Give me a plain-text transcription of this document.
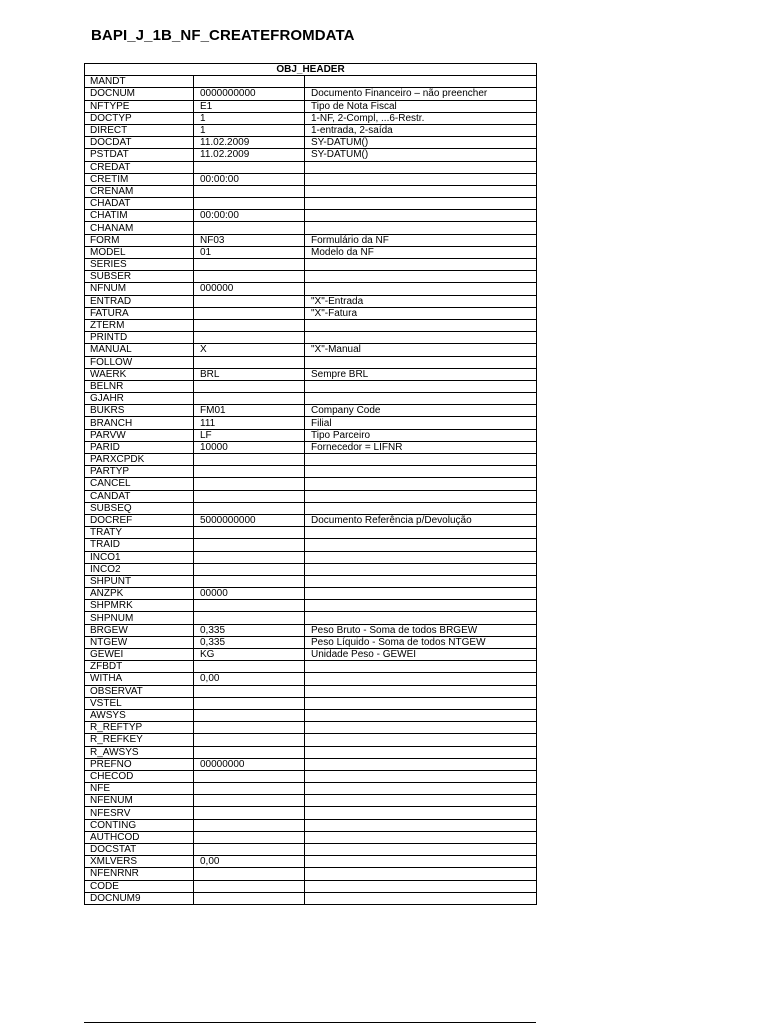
BAPI_J_1B_NF_CREATEFROMDATA
OBJ_HEADER		
MANDT		
DOCNUM	0000000000	Documento Financeiro – não preencher
NFTYPE	E1	Tipo de Nota Fiscal
DOCTYP	1	1-NF, 2-Compl, ...6-Restr.
DIRECT	1	1-entrada, 2-saída
DOCDAT	11.02.2009	SY-DATUM()
PSTDAT	11.02.2009	SY-DATUM()
CREDAT		
CRETIM	00:00:00	
CRENAM		
CHADAT		
CHATIM	00:00:00	
CHANAM		
FORM	NF03	Formulário da NF
MODEL	01	Modelo da NF
SERIES		
SUBSER		
NFNUM	000000	
ENTRAD		"X"-Entrada
FATURA		"X"-Fatura
ZTERM		
PRINTD		
MANUAL	X	"X"-Manual
FOLLOW		
WAERK	BRL	Sempre BRL
BELNR		
GJAHR		
BUKRS	FM01	Company Code
BRANCH	111	Filial
PARVW	LF	Tipo Parceiro
PARID	10000	Fornecedor = LIFNR
PARXCPDK		
PARTYP		
CANCEL		
CANDAT		
SUBSEQ		
DOCREF	5000000000	Documento Referência p/Devolução
TRATY		
TRAID		
INCO1		
INCO2		
SHPUNT		
ANZPK	00000	
SHPMRK		
SHPNUM		
BRGEW	0,335	Peso Bruto - Soma de todos BRGEW
NTGEW	0,335	Peso Líquido - Soma de todos NTGEW
GEWEI	KG	Unidade Peso - GEWEI
ZFBDT		
WITHA	0,00	
OBSERVAT		
VSTEL		
AWSYS		
R_REFTYP		
R_REFKEY		
R_AWSYS		
PREFNO	00000000	
CHECOD		
NFE		
NFENUM		
NFESRV		
CONTING		
AUTHCOD		
DOCSTAT		
XMLVERS	0,00	
NFENRNR		
CODE		
DOCNUM9		
